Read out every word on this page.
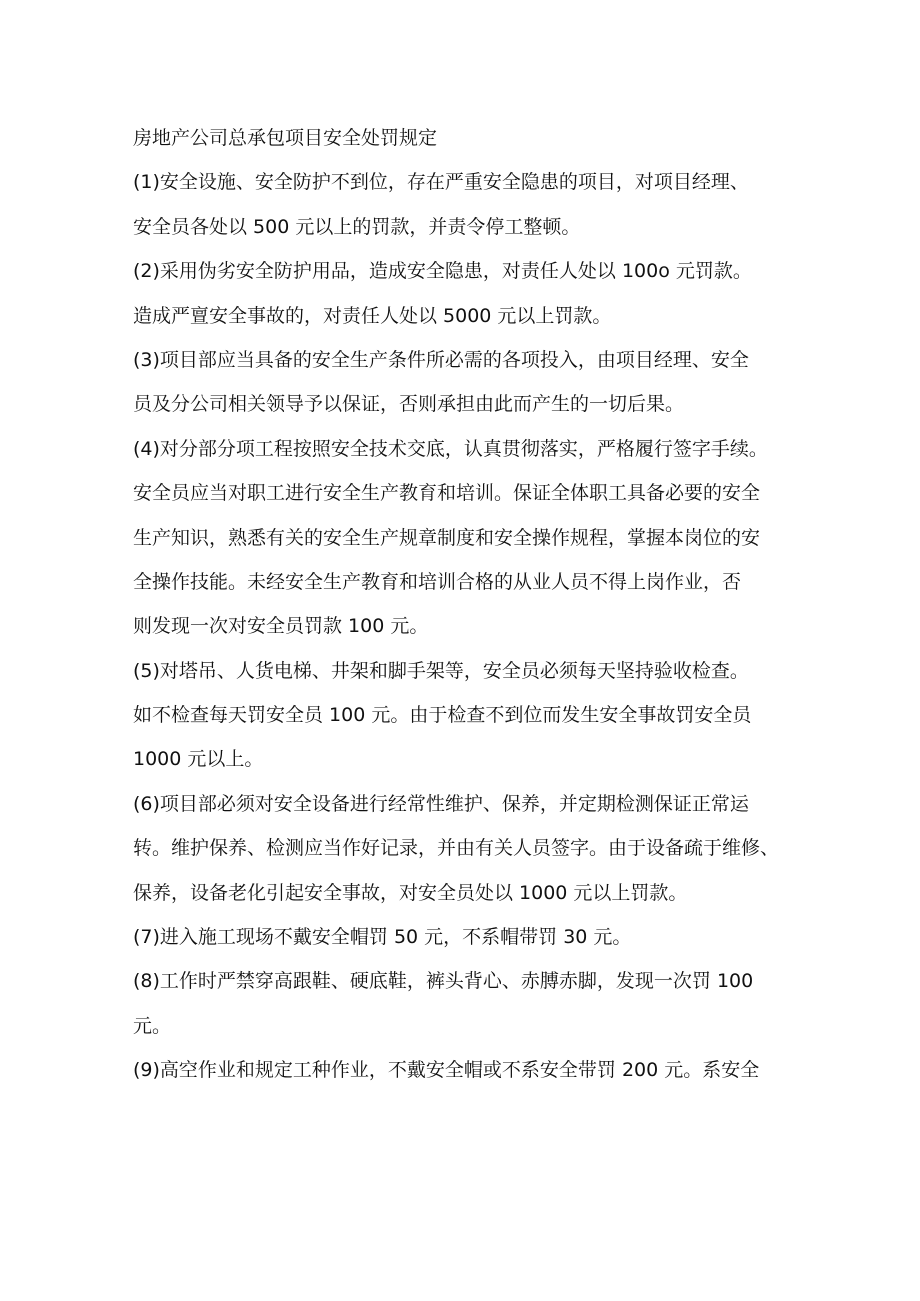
房地产公司总承包项目安全处罚规定
(1)安全设施、安全防护不到位，存在严重安全隐患的项目，对项目经理、
安全员各处以 500 元以上的罚款，并责令停工整顿。
(2)采用伪劣安全防护用品，造成安全隐患，对责任人处以 100o 元罚款。
造成严亶安全事故的，对责任人处以 5000 元以上罚款。
(3)项目部应当具备的安全生产条件所必需的各项投入，由项目经理、安全
员及分公司相关领导予以保证，否则承担由此而产生的一切后果。
(4)对分部分项工程按照安全技术交底，认真贯彻落实，严格履行签字手续。
安全员应当对职工进行安全生产教育和培训。保证全体职工具备必要的安全
生产知识，熟悉有关的安全生产规章制度和安全操作规程，掌握本岗位的安
全操作技能。未经安全生产教育和培训合格的从业人员不得上岗作业，否
则发现一次对安全员罚款 100 元。
(5)对塔吊、人货电梯、井架和脚手架等，安全员必须每天坚持验收检查。
如不检查每天罚安全员 100 元。由于检查不到位而发生安全事故罚安全员
1000 元以上。
(6)项目部必须对安全设备进行经常性维护、保养，并定期检测保证正常运
转。维护保养、检测应当作好记录，并由有关人员签字。由于设备疏于维修、
保养，设备老化引起安全事故，对安全员处以 1000 元以上罚款。
(7)进入施工现场不戴安全帽罚 50 元，不系帽带罚 30 元。
(8)工作时严禁穿高跟鞋、硬底鞋，裤头背心、赤膊赤脚，发现一次罚 100
元。
(9)高空作业和规定工种作业，不戴安全帽或不系安全带罚 200 元。系安全
